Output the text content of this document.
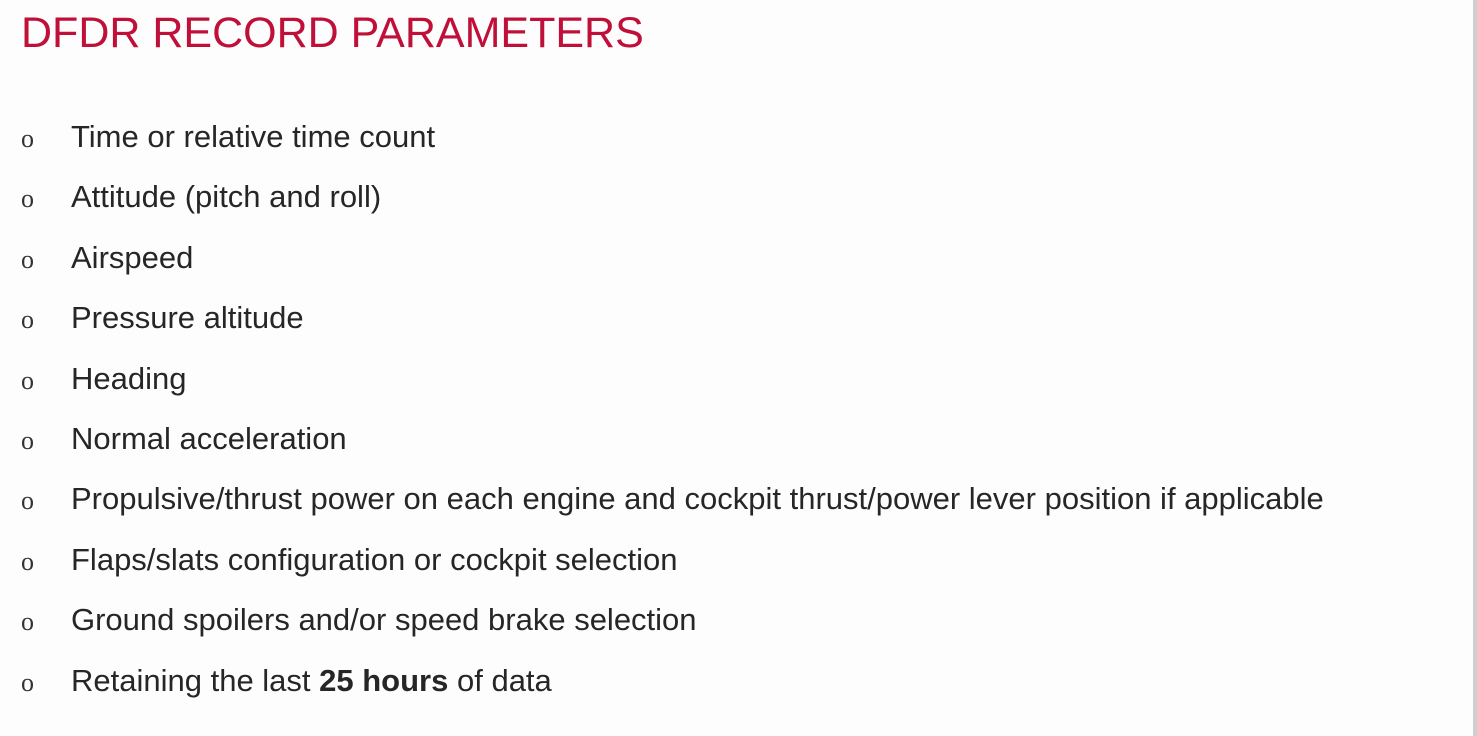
DFDR RECORD PARAMETERS
o Time or relative time count
o Attitude (pitch and roll)
o Airspeed
o Pressure altitude
o Heading
o Normal acceleration
o Propulsive/thrust power on each engine and cockpit thrust/power lever position if applicable
o Flaps/slats configuration or cockpit selection
o Ground spoilers and/or speed brake selection
o Retaining the last 25 hours of data
